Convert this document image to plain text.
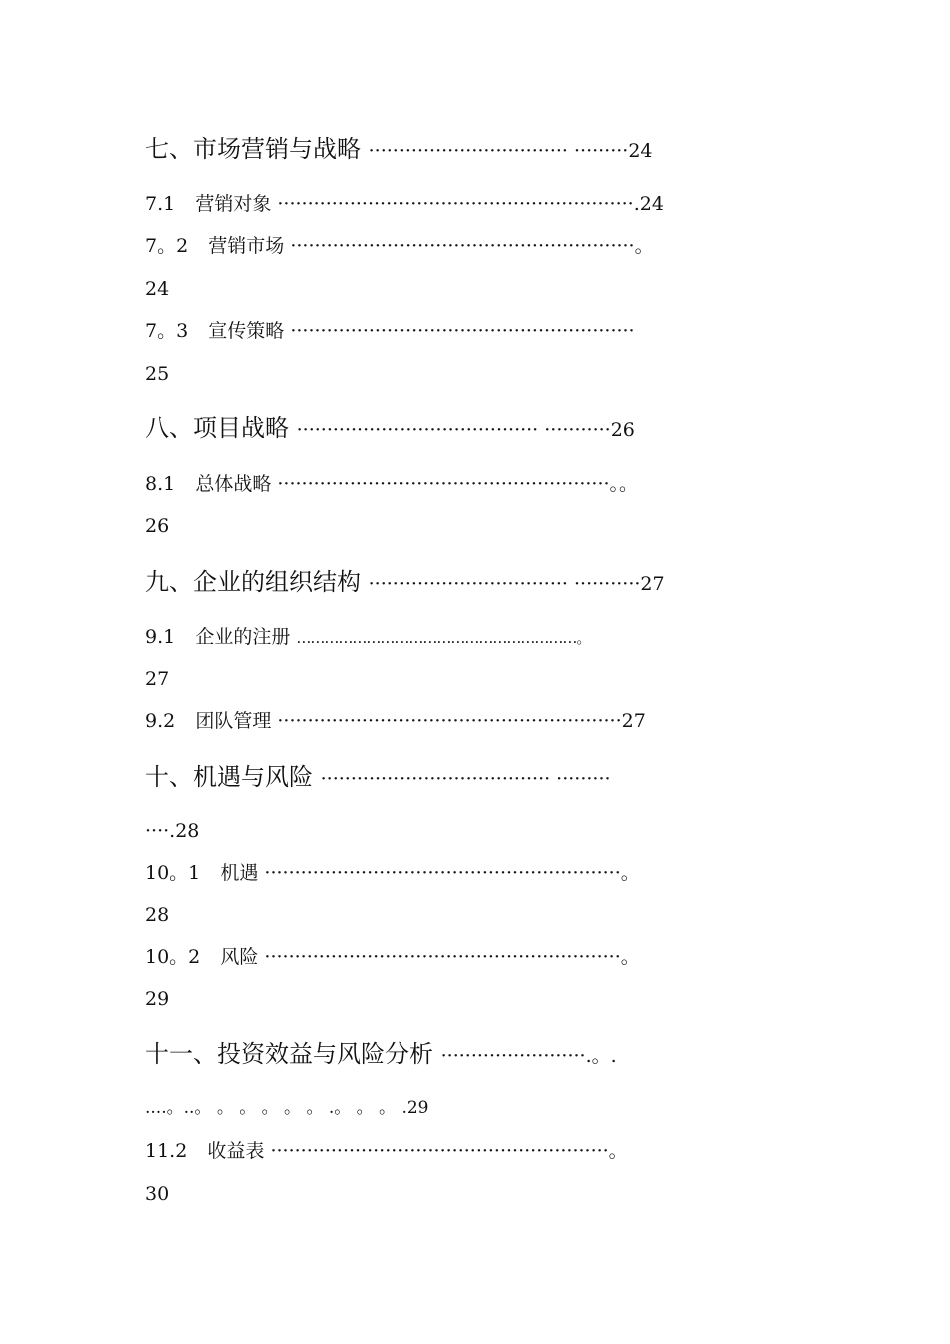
七、市场营销与战略 ································· ·········24
7.1 营销对象 ···························································.24
7。2 营销市场 ·························································。
24
7。3 宣传策略 ·························································
25
八、项目战略 ········································ ···········26
8.1 总体战略 ·······················································。。
26
九、企业的组织结构 ································· ···········27
9.1 企业的注册 ……………………………………………………。
27
9.2 团队管理 ·························································27
十、机遇与风险 ······································ ·········
····.28
10。1 机遇 ···························································。
28
10。2 风险 ···························································。
29
十一、投资效益与风险分析 ························.。.
....。..。 。 。 。 。 。 .。 。 。 .29
11.2 收益表 ························································。
30
